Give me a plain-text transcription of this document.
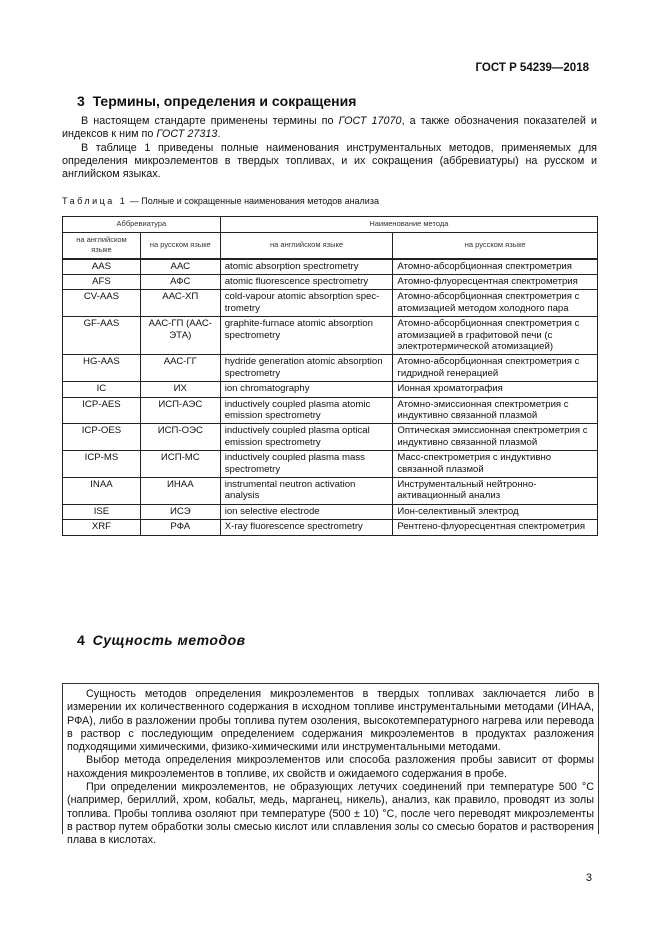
ГОСТ Р 54239—2018
3 Термины, определения и сокращения

В настоящем стандарте применены термины по ГОСТ 17070, а также обозначения показателей и индексов к ним по ГОСТ 27313.

В таблице 1 приведены полные наименования инструментальных методов, применяемых для определения микроэлементов в твердых топливах, и их сокращения (аббревиатуры) на русском и английском языках.

Таблица 1 — Полные и сокращенные наименования методов анализа
Аббревиатура		Наименование метода	
на английском языке	на русском языке	на английском языке	на русском языке
AAS	ААС	atomic absorption spectrometry	Атомно-абсорбционная спектрометрия
AFS	АФС	atomic fluorescence spectrometry	Атомно-флуоресцентная спектрометрия
CV-AAS	ААС-ХП	cold-vapour atomic absorption spectrometry	Атомно-абсорбционная спектрометрия с атомизацией методом холодного пара
GF-AAS	ААС-ГП (ААС-ЭТА)	graphite-furnace atomic absorption spectrometry	Атомно-абсорбционная спектрометрия с атомизацией в графитовой печи (с электротермической атомизацией)
HG-AAS	ААС-ГГ	hydride generation atomic absorption spectrometry	Атомно-абсорбционная спектрометрия с гидридной генерацией
IC	ИХ	ion chromatography	Ионная хроматография
ICP-AES	ИСП-АЭС	inductively coupled plasma atomic emission spectrometry	Атомно-эмиссионная спектрометрия с индуктивно связанной плазмой
ICP-OES	ИСП-ОЭС	inductively coupled plasma optical emission spectrometry	Оптическая эмиссионная спектрометрия с индуктивно связанной плазмой
ICP-MS	ИСП-МС	inductively coupled plasma mass spectrometry	Масс-спектрометрия с индуктивно связанной плазмой
INAA	ИНАА	instrumental neutron activation analysis	Инструментальный нейтронно-активационный анализ
ISE	ИСЭ	ion selective electrode	Ион-селективный электрод
XRF	РФА	X-ray fluorescence spectrometry	Рентгено-флуоресцентная спектрометрия
4 Сущность методов

Сущность методов определения микроэлементов в твердых топливах заключается либо в измерении их количественного содержания в исходном топливе инструментальными методами (ИНАА, РФА), либо в разложении пробы топлива путем озоления, высокотемпературного нагрева или перевода в раствор с последующим определением содержания микроэлементов в продуктах разложения подходящими химическими, физико-химическими или инструментальными методами.

Выбор метода определения микроэлементов или способа разложения пробы зависит от формы нахождения микроэлементов в топливе, их свойств и ожидаемого содержания в пробе.

При определении микроэлементов, не образующих летучих соединений при температуре 500 °С (например, бериллий, хром, кобальт, медь, марганец, никель), анализ, как правило, проводят из золы топлива. Пробы топлива озоляют при температуре (500 ± 10) °С, после чего переводят микроэлементы в раствор путем обработки золы смесью кислот или сплавления золы со смесью боратов и растворения плава в кислотах.

3
